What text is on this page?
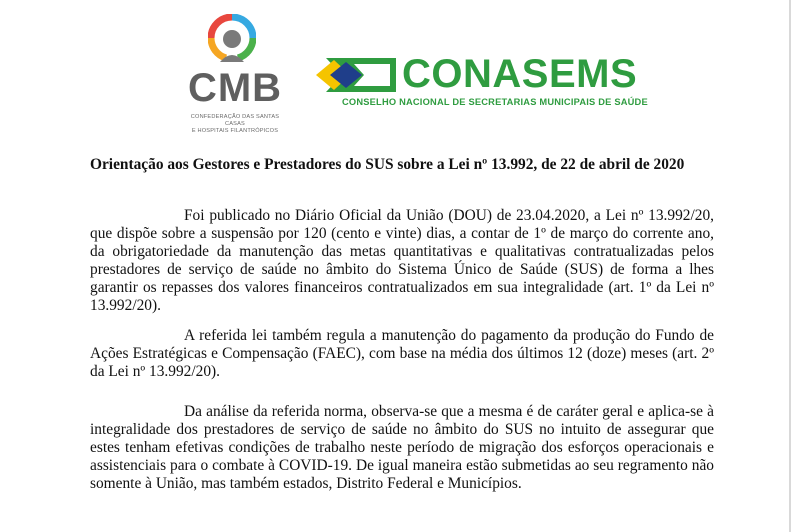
CMB
CONFEDERAÇÃO DAS SANTAS CASAS
E HOSPITAIS FILANTRÓPICOS
CONASEMS
CONSELHO NACIONAL DE SECRETARIAS MUNICIPAIS DE SAÚDE

Orientação aos Gestores e Prestadores do SUS sobre a Lei nº 13.992, de 22 de abril de 2020

Foi publicado no Diário Oficial da União (DOU) de 23.04.2020, a Lei nº 13.992/20, que dispõe sobre a suspensão por 120 (cento e vinte) dias, a contar de 1º de março do corrente ano, da obrigatoriedade da manutenção das metas quantitativas e qualitativas contratualizadas pelos prestadores de serviço de saúde no âmbito do Sistema Único de Saúde (SUS) de forma a lhes garantir os repasses dos valores financeiros contratualizados em sua integralidade (art. 1º da Lei nº 13.992/20).

A referida lei também regula a manutenção do pagamento da produção do Fundo de Ações Estratégicas e Compensação (FAEC), com base na média dos últimos 12 (doze) meses (art. 2º da Lei nº 13.992/20).

Da análise da referida norma, observa-se que a mesma é de caráter geral e aplica-se à integralidade dos prestadores de serviço de saúde no âmbito do SUS no intuito de assegurar que estes tenham efetivas condições de trabalho neste período de migração dos esforços operacionais e assistenciais para o combate à COVID-19. De igual maneira estão submetidas ao seu regramento não somente à União, mas também estados, Distrito Federal e Municípios.
